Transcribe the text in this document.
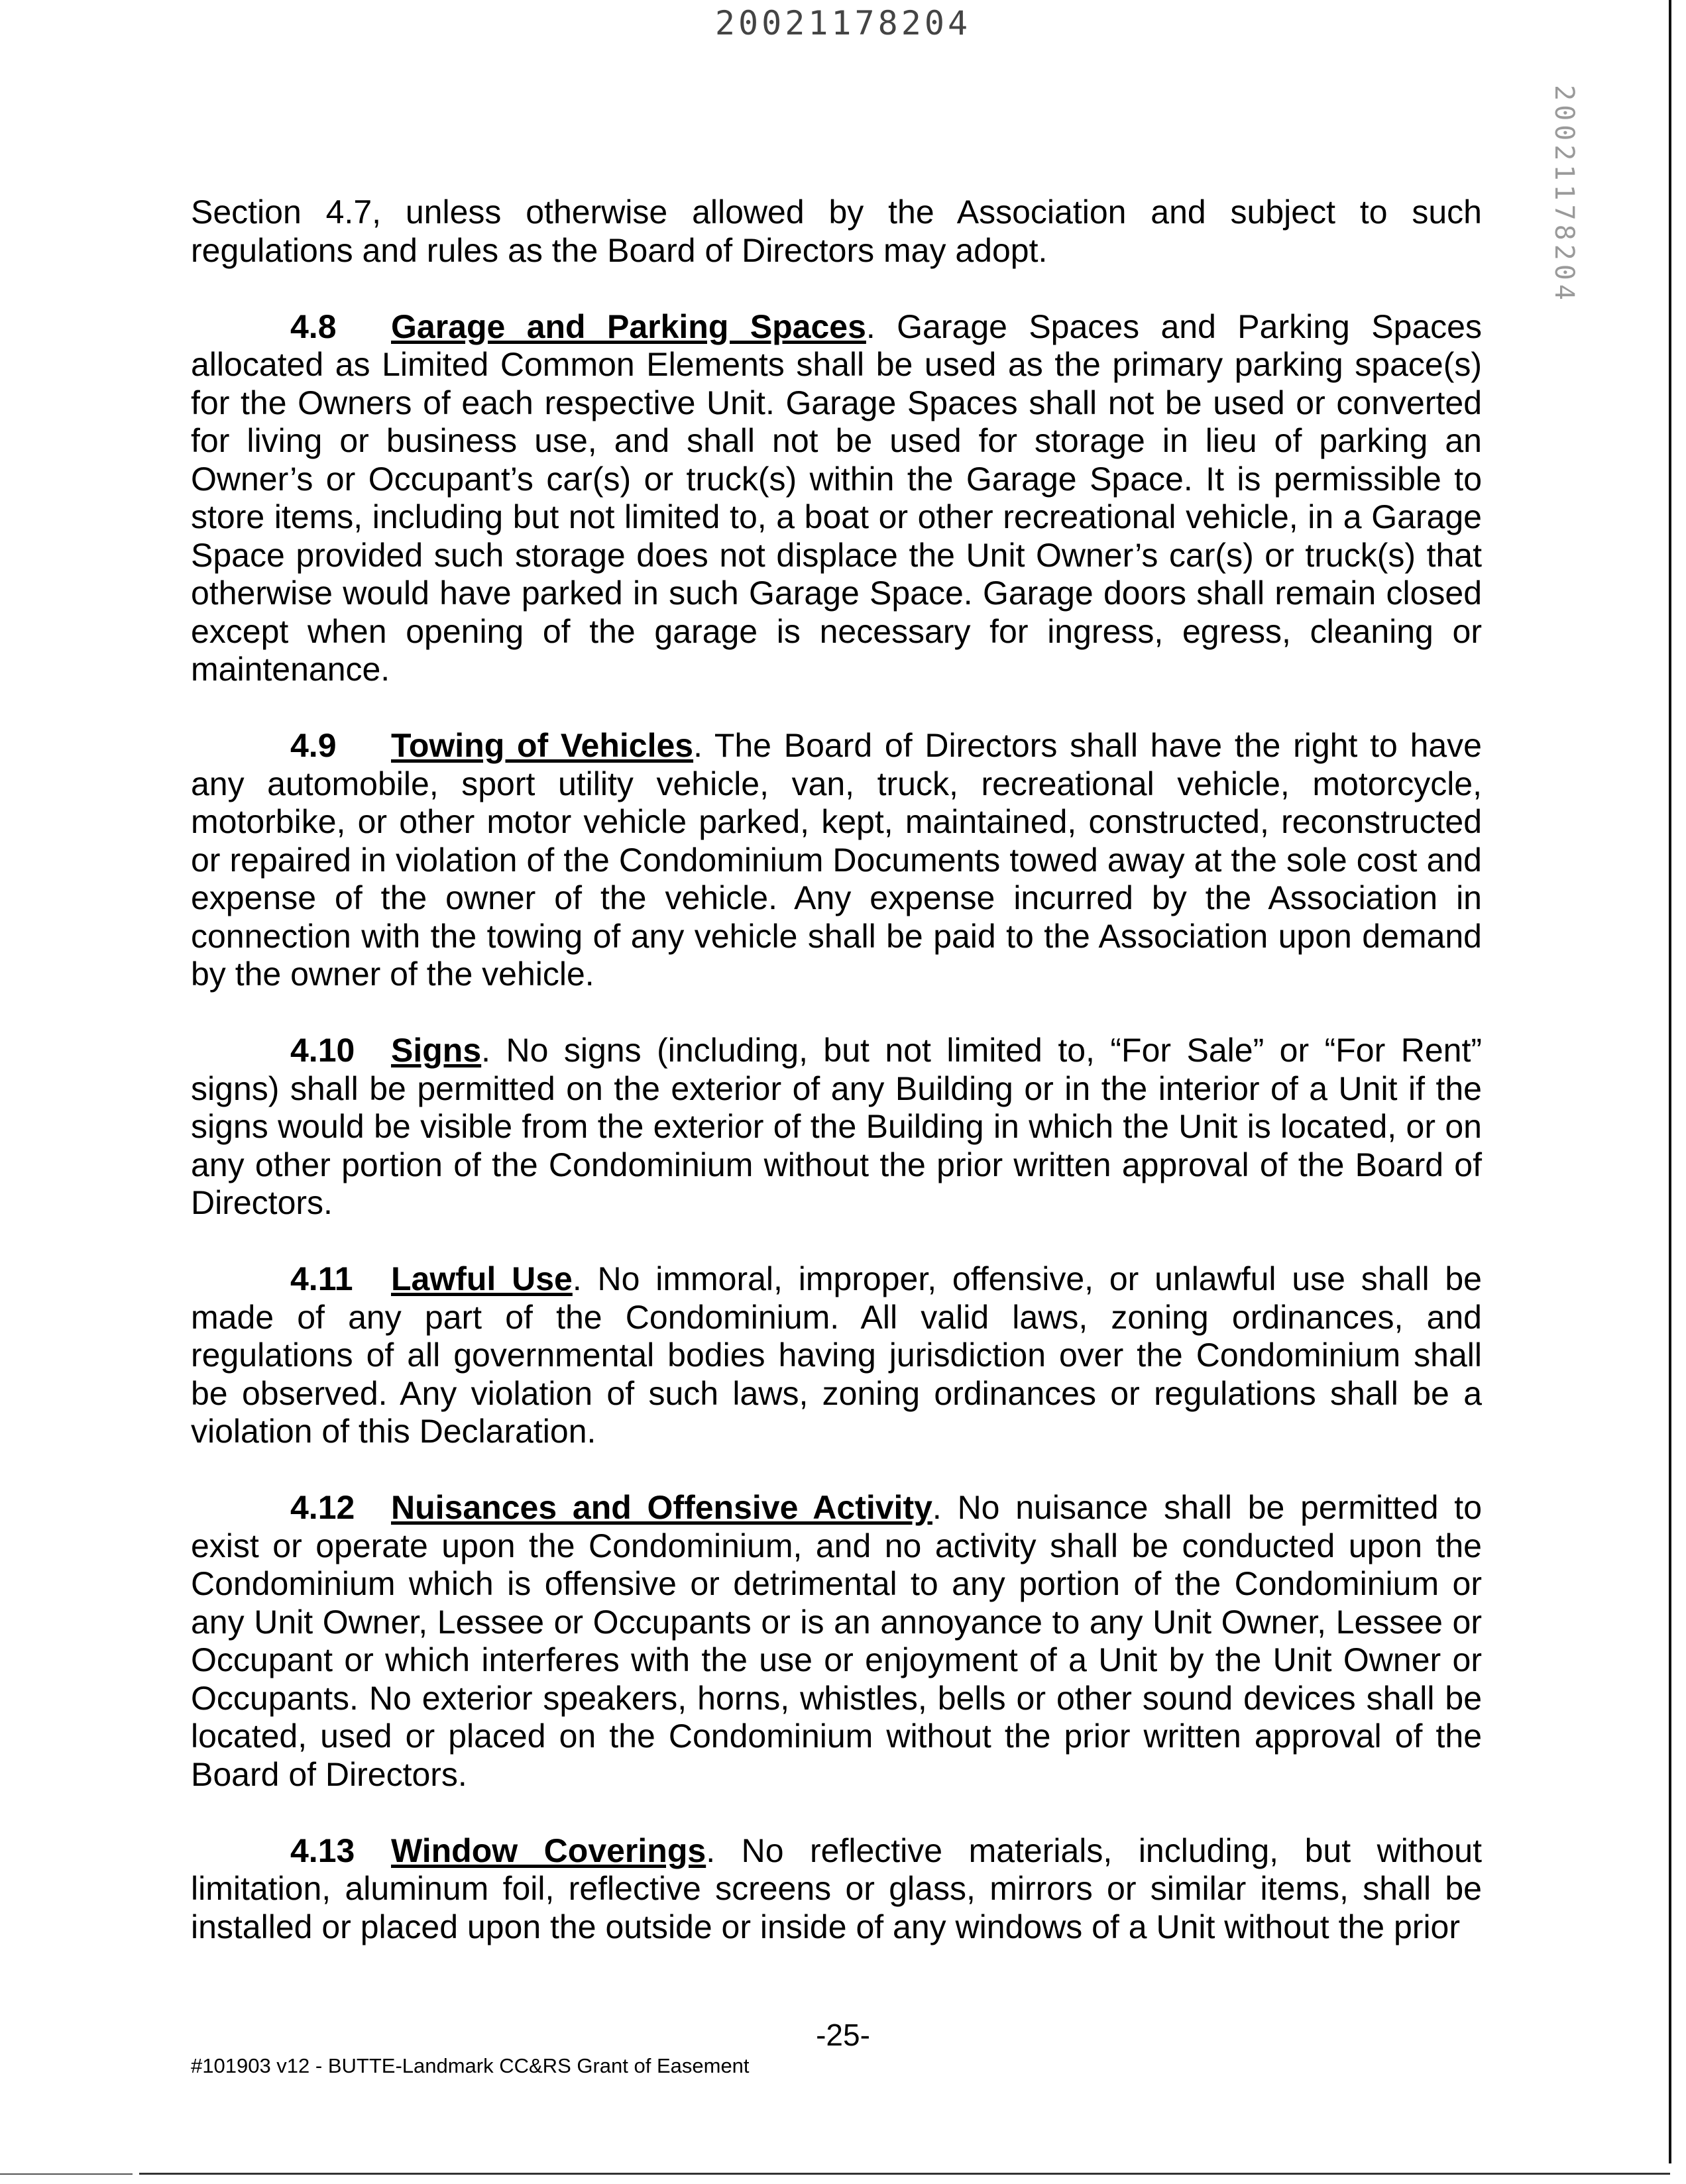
20021178204
20021178204

Section 4.7, unless otherwise allowed by the Association and subject to such regulations and rules as the Board of Directors may adopt.

4.8 Garage and Parking Spaces. Garage Spaces and Parking Spaces allocated as Limited Common Elements shall be used as the primary parking space(s) for the Owners of each respective Unit. Garage Spaces shall not be used or converted for living or business use, and shall not be used for storage in lieu of parking an Owner’s or Occupant’s car(s) or truck(s) within the Garage Space. It is permissible to store items, including but not limited to, a boat or other recreational vehicle, in a Garage Space provided such storage does not displace the Unit Owner’s car(s) or truck(s) that otherwise would have parked in such Garage Space. Garage doors shall remain closed except when opening of the garage is necessary for ingress, egress, cleaning or maintenance.

4.9 Towing of Vehicles. The Board of Directors shall have the right to have any automobile, sport utility vehicle, van, truck, recreational vehicle, motorcycle, motorbike, or other motor vehicle parked, kept, maintained, constructed, reconstructed or repaired in violation of the Condominium Documents towed away at the sole cost and expense of the owner of the vehicle. Any expense incurred by the Association in connection with the towing of any vehicle shall be paid to the Association upon demand by the owner of the vehicle.

4.10 Signs. No signs (including, but not limited to, “For Sale” or “For Rent” signs) shall be permitted on the exterior of any Building or in the interior of a Unit if the signs would be visible from the exterior of the Building in which the Unit is located, or on any other portion of the Condominium without the prior written approval of the Board of Directors.

4.11 Lawful Use. No immoral, improper, offensive, or unlawful use shall be made of any part of the Condominium. All valid laws, zoning ordinances, and regulations of all governmental bodies having jurisdiction over the Condominium shall be observed. Any violation of such laws, zoning ordinances or regulations shall be a violation of this Declaration.

4.12 Nuisances and Offensive Activity. No nuisance shall be permitted to exist or operate upon the Condominium, and no activity shall be conducted upon the Condominium which is offensive or detrimental to any portion of the Condominium or any Unit Owner, Lessee or Occupants or is an annoyance to any Unit Owner, Lessee or Occupant or which interferes with the use or enjoyment of a Unit by the Unit Owner or Occupants. No exterior speakers, horns, whistles, bells or other sound devices shall be located, used or placed on the Condominium without the prior written approval of the Board of Directors.

4.13 Window Coverings. No reflective materials, including, but without limitation, aluminum foil, reflective screens or glass, mirrors or similar items, shall be installed or placed upon the outside or inside of any windows of a Unit without the prior

-25-
#101903 v12 - BUTTE-Landmark CC&RS Grant of Easement
